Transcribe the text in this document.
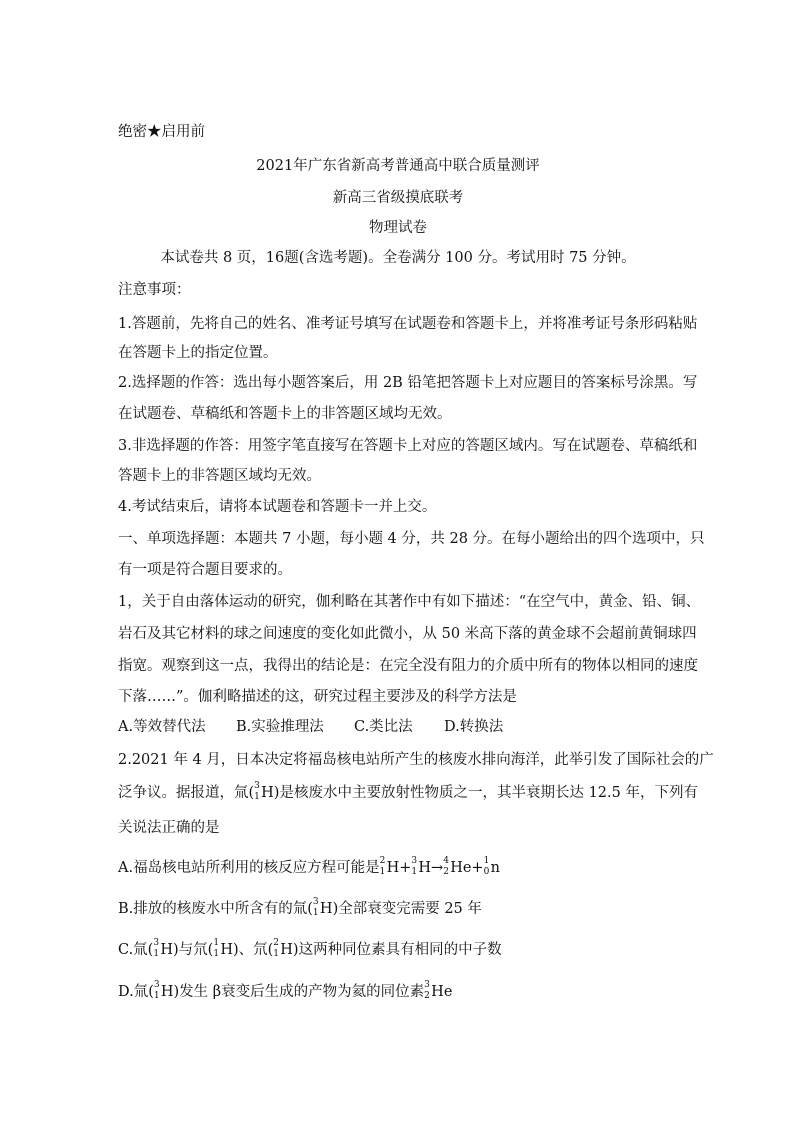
绝密★启用前
2021年广东省新高考普通高中联合质量测评
新高三省级摸底联考
物理试卷
本试卷共 8 页，16题(含选考题)。全卷满分 100 分。考试用时 75 分钟。
注意事项：
1.答题前，先将自己的姓名、准考证号填写在试题卷和答题卡上，并将准考证号条形码粘贴
在答题卡上的指定位置。
2.选择题的作答：选出每小题答案后，用 2B 铅笔把答题卡上对应题目的答案标号涂黑。写
在试题卷、草稿纸和答题卡上的非答题区域均无效。
3.非选择题的作答：用签字笔直接写在答题卡上对应的答题区域内。写在试题卷、草稿纸和
答题卡上的非答题区域均无效。
4.考试结束后，请将本试题卷和答题卡一并上交。
一、单项选择题：本题共 7 小题，每小题 4 分，共 28 分。在每小题给出的四个选项中，只
有一项是符合题目要求的。
1，关于自由落体运动的研究，伽利略在其著作中有如下描述：“在空气中，黄金、铅、铜、
岩石及其它材料的球之间速度的变化如此微小，从 50 米高下落的黄金球不会超前黄铜球四
指宽。观察到这一点，我得出的结论是：在完全没有阻力的介质中所有的物体以相同的速度
下落……”。伽利略描述的这，研究过程主要涉及的科学方法是
A.等效替代法 B.实验推理法 C.类比法 D.转换法
2.2021 年 4 月，日本决定将福岛核电站所产生的核废水排向海洋，此举引发了国际社会的广
泛争议。据报道，氚( 3
1 H)是核废水中主要放射性物质之一，其半衰期长达 12.5 年，下列有
关说法正确的是
A.福岛核电站所利用的核反应方程可能是 2
1 H+ 3
1 H→ 4
2 He+ 1
0 n
B.排放的核废水中所含有的氚( 3
1 H)全部衰变完需要 25 年
C.氚( 3
1 H)与氘( 1
1 H)、氘( 2
1 H)这两种同位素具有相同的中子数
D.氚( 3
1 H)发生 β衰变后生成的产物为氦的同位素 3
2 He
